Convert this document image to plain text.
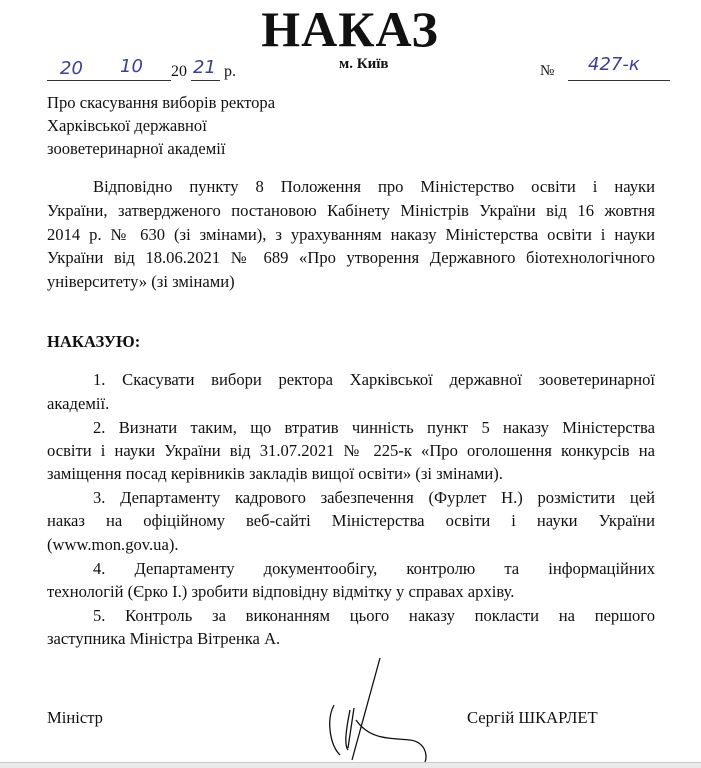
НАКАЗ
20 10 20 21 р.	м. Київ	№ 427-к
Про скасування виборів ректора
Харківської державної
зооветеринарної академії
Відповідно пункту 8 Положення про Міністерство освіти і науки
України, затвердженого постановою Кабінету Міністрів України від 16 жовтня
2014 р. № 630 (зі змінами), з урахуванням наказу Міністерства освіти і науки
України від 18.06.2021 № 689 «Про утворення Державного біотехнологічного
університету» (зі змінами)
НАКАЗУЮ:
1. Скасувати вибори ректора Харківської державної зооветеринарної
академії.
2. Визнати таким, що втратив чинність пункт 5 наказу Міністерства
освіти і науки України від 31.07.2021 № 225-к «Про оголошення конкурсів на
заміщення посад керівників закладів вищої освіти» (зі змінами).
3. Департаменту кадрового забезпечення (Фурлет Н.) розмістити цей
наказ на офіційному веб-сайті Міністерства освіти і науки України
(www.mon.gov.ua).
4. Департаменту документообігу, контролю та інформаційних
технологій (Єрко І.) зробити відповідну відмітку у справах архіву.
5. Контроль за виконанням цього наказу покласти на першого
заступника Міністра Вітренка А.
Міністр	Сергій ШКАРЛЕТ
